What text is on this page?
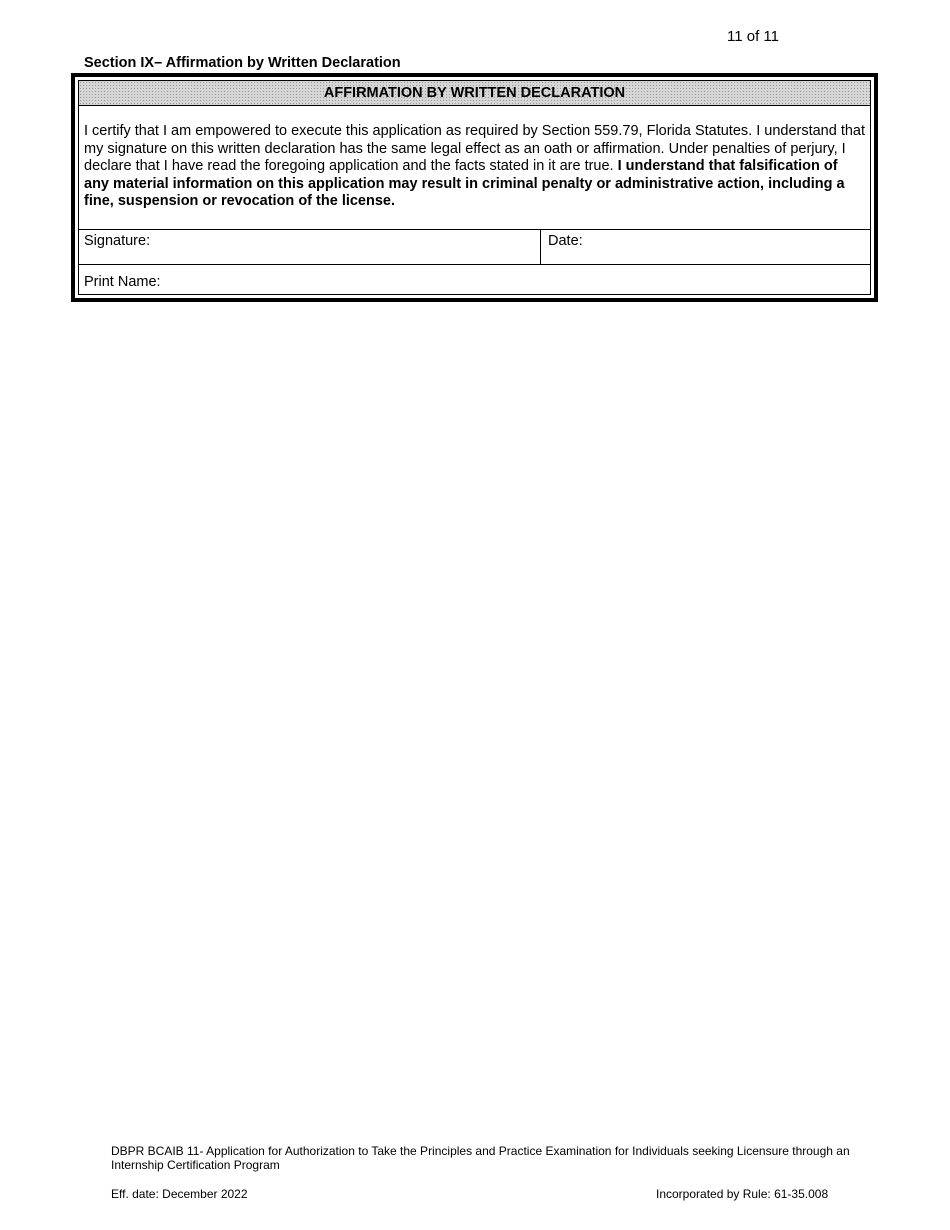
11 of 11
Section IX– Affirmation by Written Declaration
AFFIRMATION BY WRITTEN DECLARATION

I certify that I am empowered to execute this application as required by Section 559.79, Florida Statutes. I understand that my signature on this written declaration has the same legal effect as an oath or affirmation. Under penalties of perjury, I declare that I have read the foregoing application and the facts stated in it are true. I understand that falsification of any material information on this application may result in criminal penalty or administrative action, including a fine, suspension or revocation of the license.

Signature:	Date:
Print Name:
DBPR BCAIB 11- Application for Authorization to Take the Principles and Practice Examination for Individuals seeking Licensure through an Internship Certification Program
Eff. date: December 2022	Incorporated by Rule: 61-35.008
